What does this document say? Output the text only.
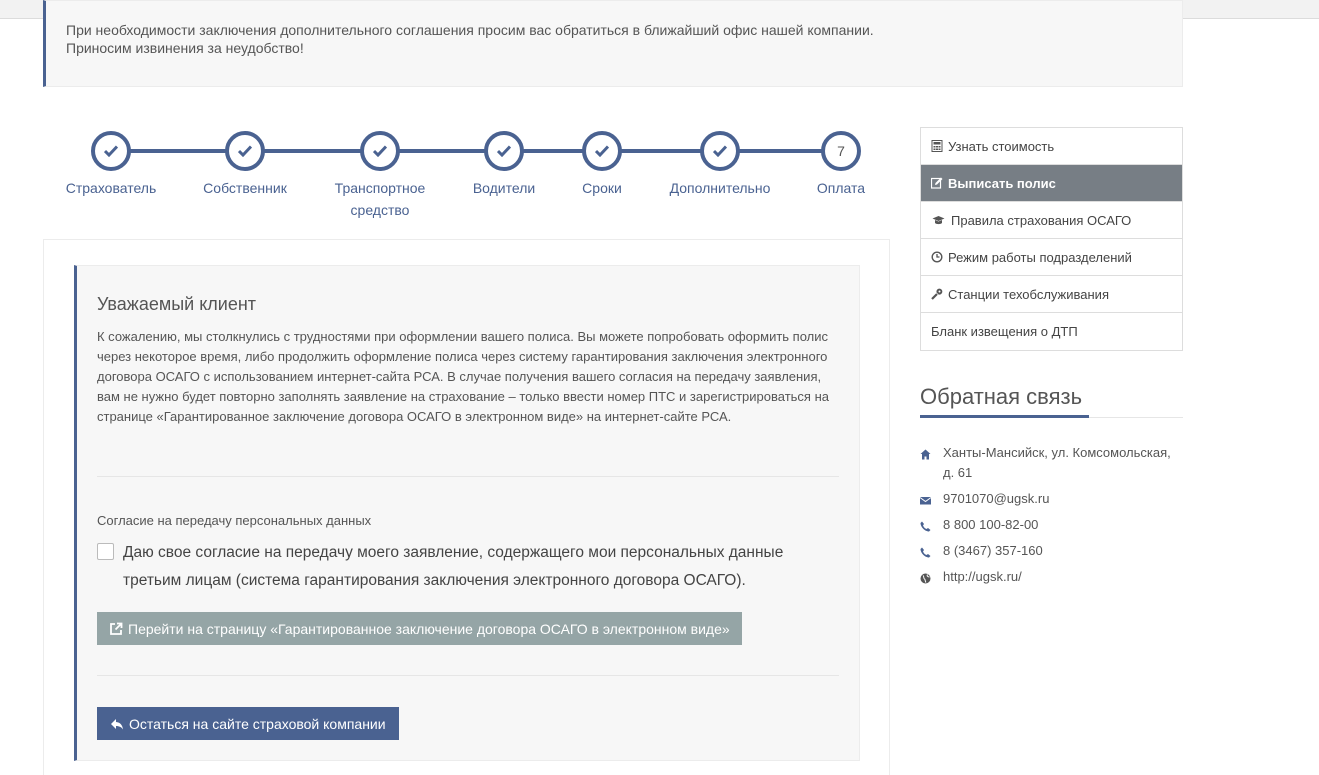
При необходимости заключения дополнительного соглашения просим вас обратиться в ближайший офис нашей компании.
Приносим извинения за неудобство!
Страхователь	Собственник	Транспортное средство
Водители	Сроки	Дополнительно
7
Оплата
Уважаемый клиент
К сожалению, мы столкнулись с трудностями при оформлении вашего полиса. Вы можете попробовать оформить полис через некоторое время, либо продолжить оформление полиса через систему гарантирования заключения электронного договора ОСАГО с использованием интернет-сайта РСА. В случае получения вашего согласия на передачу заявления, вам не нужно будет повторно заполнять заявление на страхование – только ввести номер ПТС и зарегистрироваться на странице «Гарантированное заключение договора ОСАГО в электронном виде» на интернет-сайте РСА.
Согласие на передачу персональных данных
Даю свое согласие на передачу моего заявление, содержащего мои персональных данные третьим лицам (система гарантирования заключения электронного договора ОСАГО).
Перейти на страницу «Гарантированное заключение договора ОСАГО в электронном виде»
Остаться на сайте страховой компании
Узнать стоимость
Выписать полис
Правила страхования ОСАГО
Режим работы подразделений
Станции техобслуживания
Бланк извещения о ДТП
Обратная связь
Ханты-Мансийск, ул. Комсомольская, д. 61
9701070@ugsk.ru
8 800 100-82-00
8 (3467) 357-160
http://ugsk.ru/
